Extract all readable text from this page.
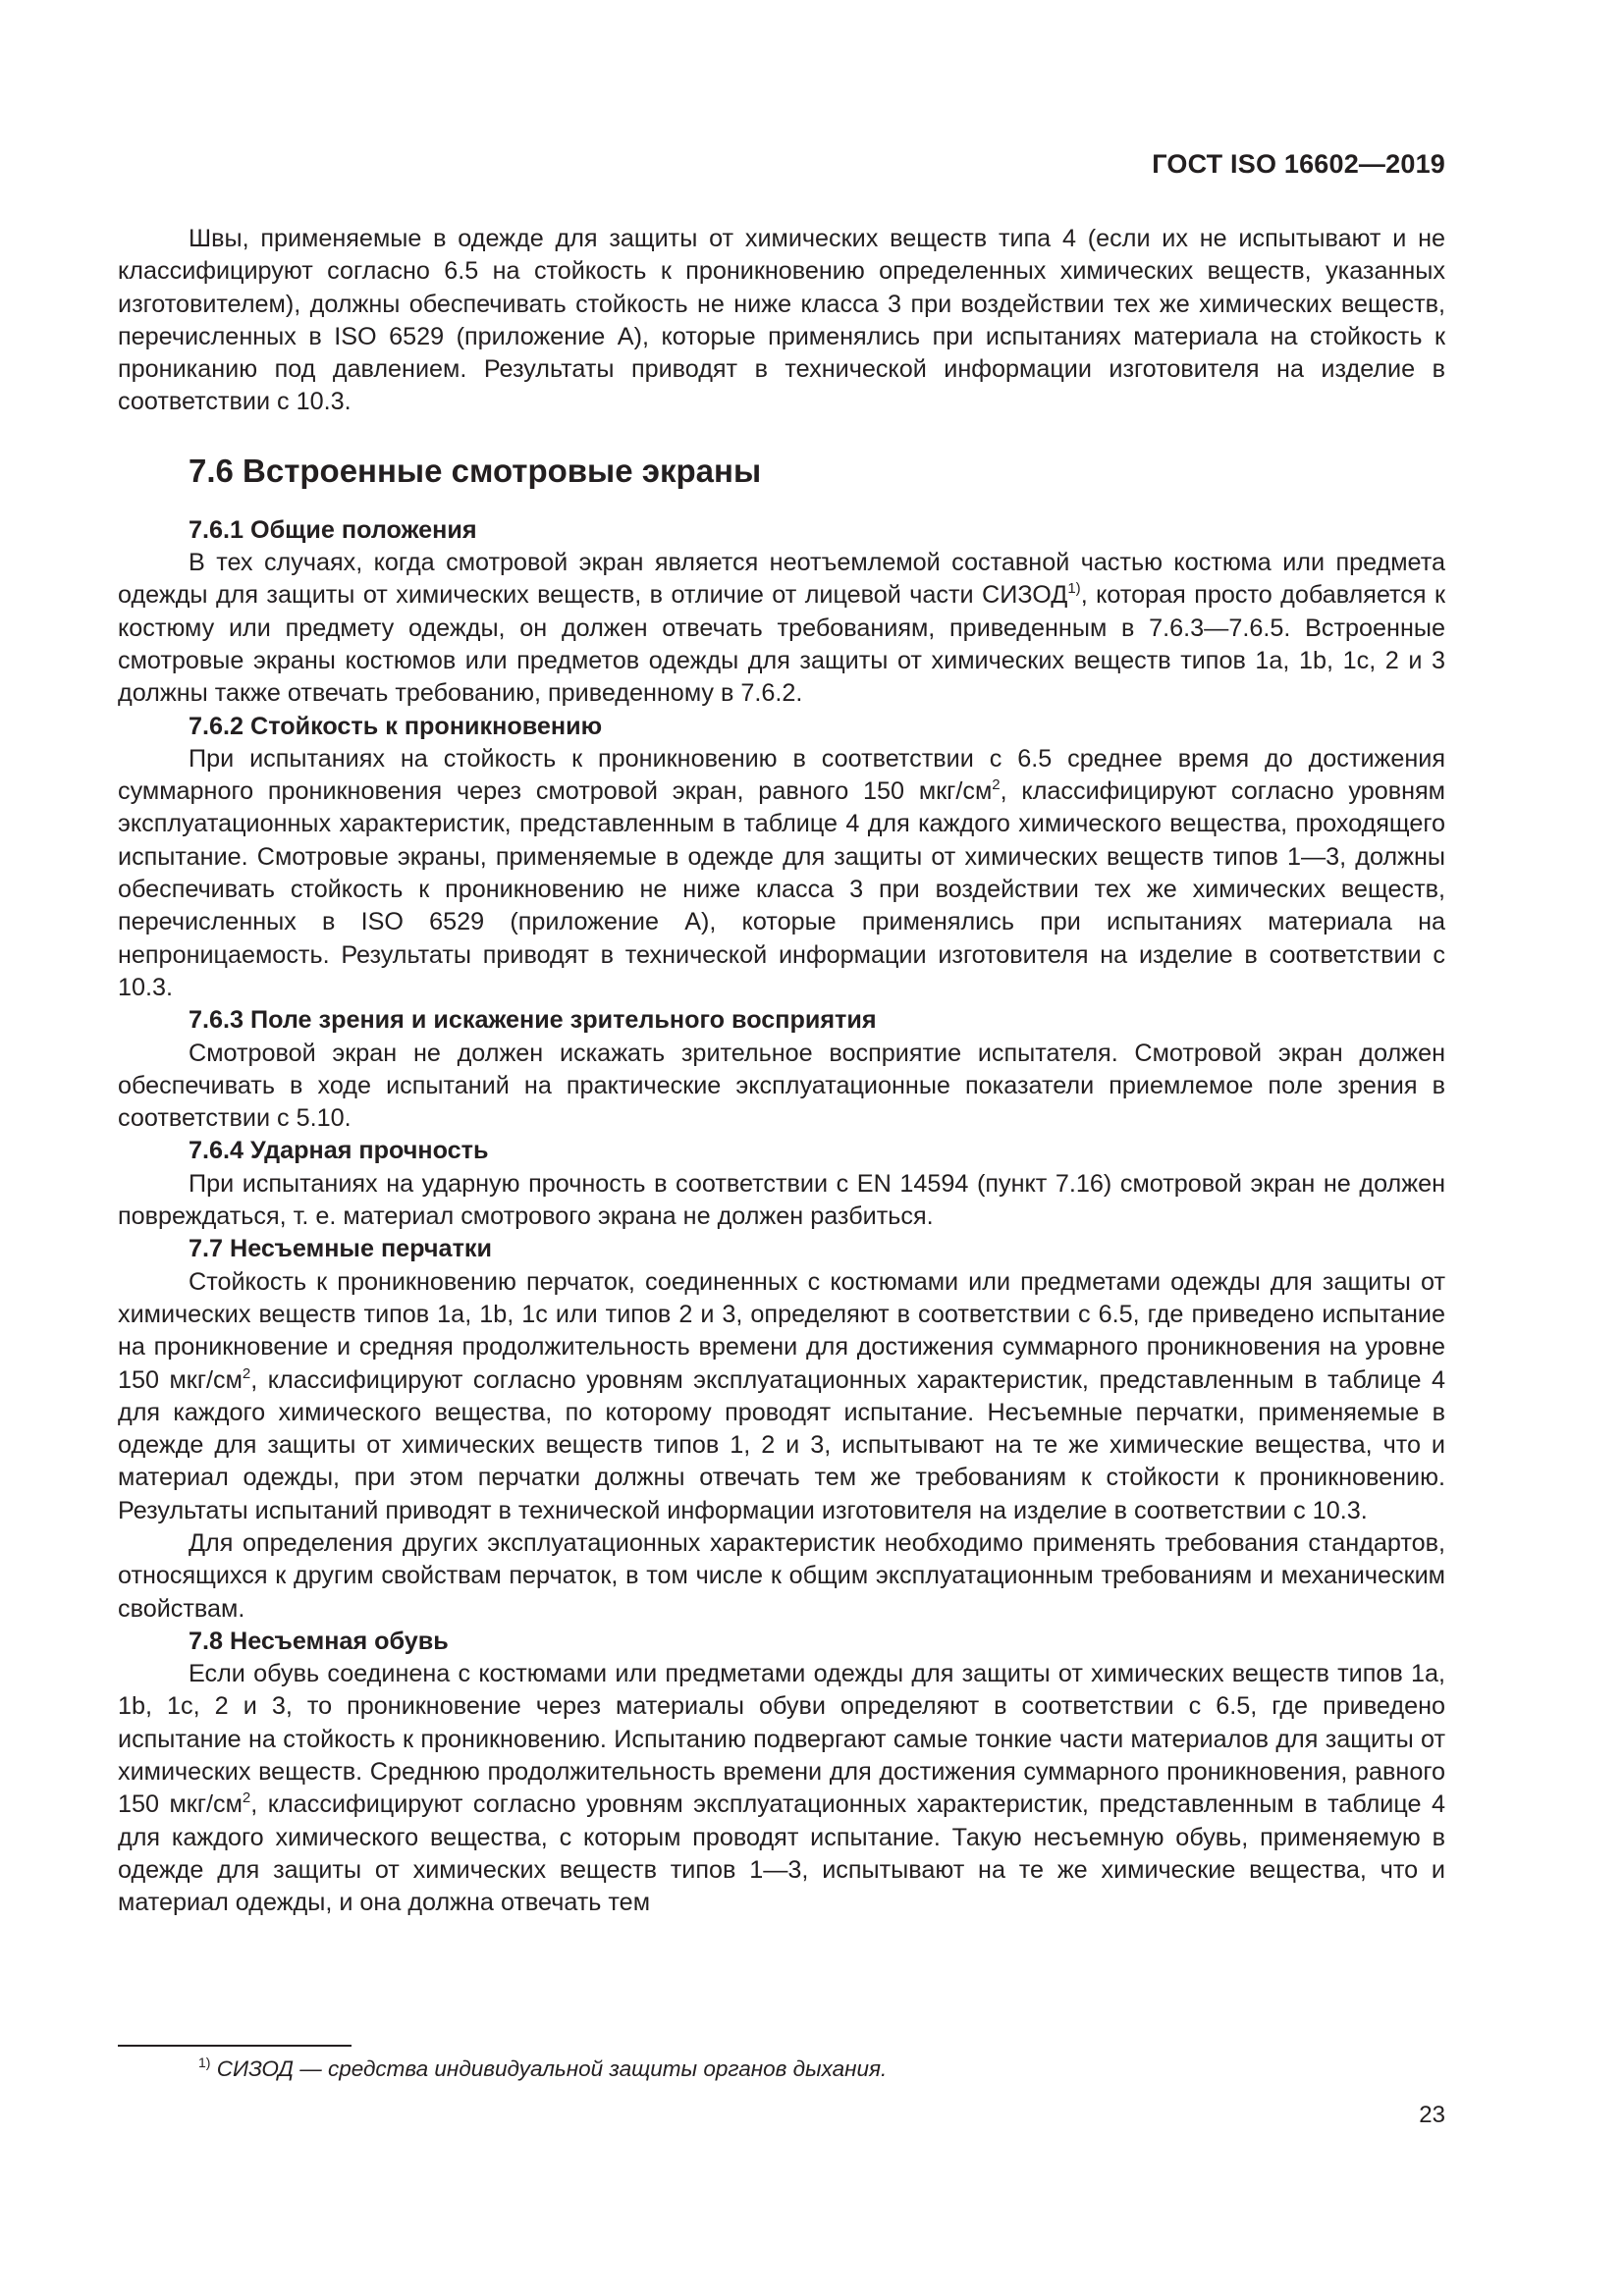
ГОСТ ISO 16602—2019

Швы, применяемые в одежде для защиты от химических веществ типа 4 (если их не испытывают и не классифицируют согласно 6.5 на стойкость к проникновению определенных химических веществ, указанных изготовителем), должны обеспечивать стойкость не ниже класса 3 при воздействии тех же химических веществ, перечисленных в ISO 6529 (приложение А), которые применялись при испытаниях материала на стойкость к прониканию под давлением. Результаты приводят в технической информации изготовителя на изделие в соответствии с 10.3.

7.6 Встроенные смотровые экраны
7.6.1 Общие положения

В тех случаях, когда смотровой экран является неотъемлемой составной частью костюма или предмета одежды для защиты от химических веществ, в отличие от лицевой части СИЗОД$^{1)}$, которая просто добавляется к костюму или предмету одежды, он должен отвечать требованиям, приведенным в 7.6.3—7.6.5. Встроенные смотровые экраны костюмов или предметов одежды для защиты от химических веществ типов 1а, 1b, 1c, 2 и 3 должны также отвечать требованию, приведенному в 7.6.2.

7.6.2 Стойкость к проникновению

При испытаниях на стойкость к проникновению в соответствии с 6.5 среднее время до достижения суммарного проникновения через смотровой экран, равного 150 мкг/$см^2$, классифицируют согласно уровням эксплуатационных характеристик, представленным в таблице 4 для каждого химического вещества, проходящего испытание. Смотровые экраны, применяемые в одежде для защиты от химических веществ типов 1—3, должны обеспечивать стойкость к проникновению не ниже класса 3 при воздействии тех же химических веществ, перечисленных в ISO 6529 (приложение А), которые применялись при испытаниях материала на непроницаемость. Результаты приводят в технической информации изготовителя на изделие в соответствии с 10.3.

7.6.3 Поле зрения и искажение зрительного восприятия

Смотровой экран не должен искажать зрительное восприятие испытателя. Смотровой экран должен обеспечивать в ходе испытаний на практические эксплуатационные показатели приемлемое поле зрения в соответствии с 5.10.

7.6.4 Ударная прочность

При испытаниях на ударную прочность в соответствии с EN 14594 (пункт 7.16) смотровой экран не должен повреждаться, т. е. материал смотрового экрана не должен разбиться.

7.7 Несъемные перчатки

Стойкость к проникновению перчаток, соединенных с костюмами или предметами одежды для защиты от химических веществ типов 1а, 1b, 1c или типов 2 и 3, определяют в соответствии с 6.5, где приведено испытание на проникновение и средняя продолжительность времени для достижения суммарного проникновения на уровне 150 мкг/$см^2$, классифицируют согласно уровням эксплуатационных характеристик, представленным в таблице 4 для каждого химического вещества, по которому проводят испытание. Несъемные перчатки, применяемые в одежде для защиты от химических веществ типов 1, 2 и 3, испытывают на те же химические вещества, что и материал одежды, при этом перчатки должны отвечать тем же требованиям к стойкости к проникновению. Результаты испытаний приводят в технической информации изготовителя на изделие в соответствии с 10.3.

Для определения других эксплуатационных характеристик необходимо применять требования стандартов, относящихся к другим свойствам перчаток, в том числе к общим эксплуатационным требованиям и механическим свойствам.

7.8 Несъемная обувь

Если обувь соединена с костюмами или предметами одежды для защиты от химических веществ типов 1а, 1b, 1c, 2 и 3, то проникновение через материалы обуви определяют в соответствии с 6.5, где приведено испытание на стойкость к проникновению. Испытанию подвергают самые тонкие части материалов для защиты от химических веществ. Среднюю продолжительность времени для достижения суммарного проникновения, равного 150 мкг/$см^2$, классифицируют согласно уровням эксплуатационных характеристик, представленным в таблице 4 для каждого химического вещества, с которым проводят испытание. Такую несъемную обувь, применяемую в одежде для защиты от химических веществ типов 1—3, испытывают на те же химические вещества, что и материал одежды, и она должна отвечать тем

$^{1)}$ СИЗОД — средства индивидуальной защиты органов дыхания.
23
